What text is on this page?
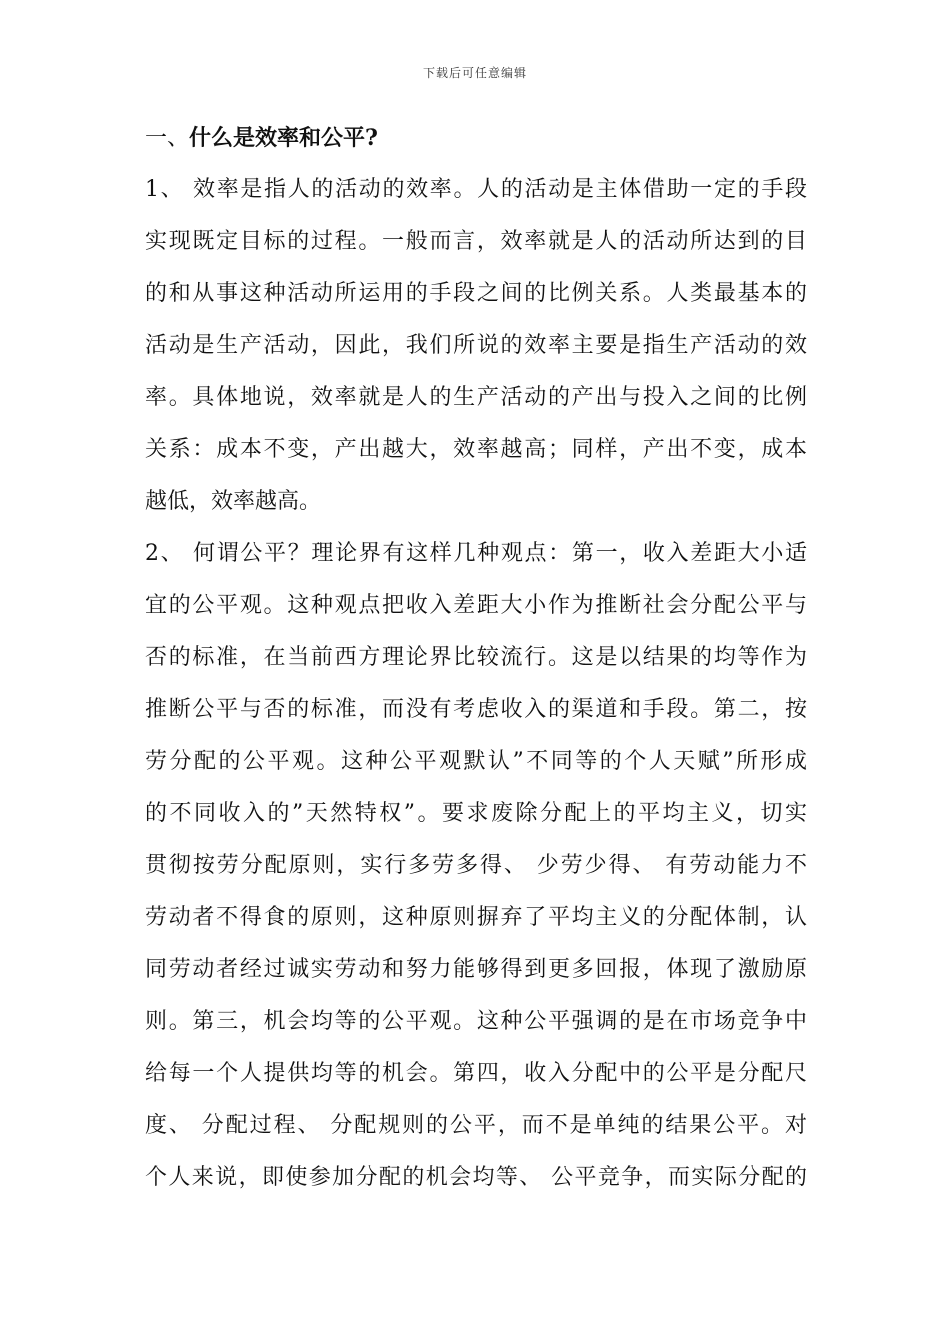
下载后可任意编辑
一、什么是效率和公平?
1、 效率是指人的活动的效率。人的活动是主体借助一定的手段
实现既定目标的过程。一般而言，效率就是人的活动所达到的目
的和从事这种活动所运用的手段之间的比例关系。人类最基本的
活动是生产活动，因此，我们所说的效率主要是指生产活动的效
率。具体地说，效率就是人的生产活动的产出与投入之间的比例
关系：成本不变，产出越大，效率越高；同样，产出不变，成本
越低，效率越高。
2、 何谓公平？理论界有这样几种观点：第一，收入差距大小适
宜的公平观。这种观点把收入差距大小作为推断社会分配公平与
否的标准，在当前西方理论界比较流行。这是以结果的均等作为
推断公平与否的标准，而没有考虑收入的渠道和手段。第二，按
劳分配的公平观。这种公平观默认”不同等的个人天赋”所形成
的不同收入的”天然特权”。要求废除分配上的平均主义，切实
贯彻按劳分配原则，实行多劳多得、 少劳少得、 有劳动能力不
劳动者不得食的原则，这种原则摒弃了平均主义的分配体制，认
同劳动者经过诚实劳动和努力能够得到更多回报，体现了激励原
则。第三，机会均等的公平观。这种公平强调的是在市场竞争中
给每一个人提供均等的机会。第四，收入分配中的公平是分配尺
度、 分配过程、 分配规则的公平，而不是单纯的结果公平。对
个人来说，即使参加分配的机会均等、 公平竞争，而实际分配的
